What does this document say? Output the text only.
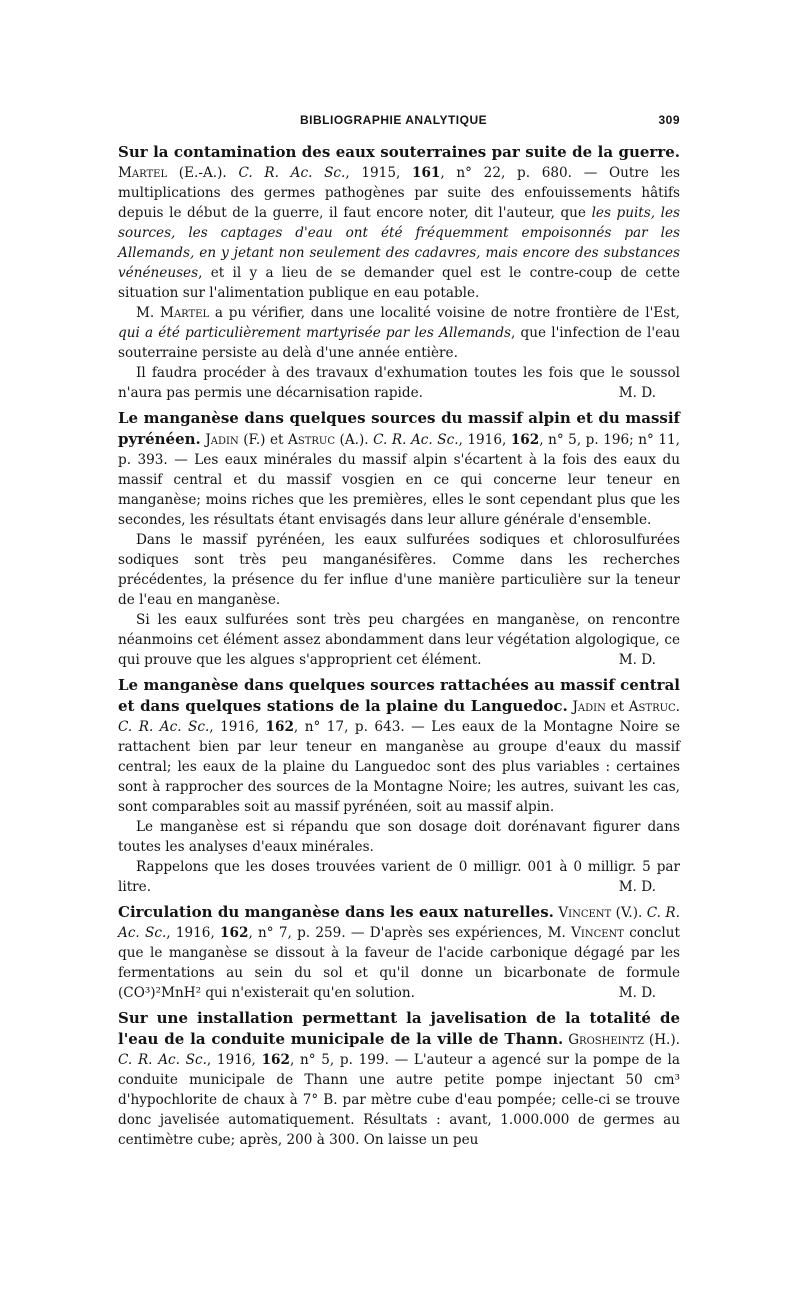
BIBLIOGRAPHIE ANALYTIQUE	309

Sur la contamination des eaux souterraines par suite de la guerre. Martel (E.-A.). C. R. Ac. Sc., 1915, 161, n° 22, p. 680. — Outre les multiplications des germes pathogènes par suite des enfouissements hâtifs depuis le début de la guerre, il faut encore noter, dit l'auteur, que les puits, les sources, les captages d'eau ont été fréquemment empoisonnés par les Allemands, en y jetant non seulement des cadavres, mais encore des substances vénéneuses, et il y a lieu de se demander quel est le contre-coup de cette situation sur l'alimentation publique en eau potable.

M. Martel a pu vérifier, dans une localité voisine de notre frontière de l'Est, qui a été particulièrement martyrisée par les Allemands, que l'infection de l'eau souterraine persiste au delà d'une année entière.

Il faudra procéder à des travaux d'exhumation toutes les fois que le soussol n'aura pas permis une décarnisation rapide.	M. D.

Le manganèse dans quelques sources du massif alpin et du massif pyrénéen. Jadin (F.) et Astruc (A.). C. R. Ac. Sc., 1916, 162, n° 5, p. 196; n° 11, p. 393. — Les eaux minérales du massif alpin s'écartent à la fois des eaux du massif central et du massif vosgien en ce qui concerne leur teneur en manganèse; moins riches que les premières, elles le sont cependant plus que les secondes, les résultats étant envisagés dans leur allure générale d'ensemble.

Dans le massif pyrénéen, les eaux sulfurées sodiques et chlorosulfurées sodiques sont très peu manganésifères. Comme dans les recherches précédentes, la présence du fer influe d'une manière particulière sur la teneur de l'eau en manganèse.

Si les eaux sulfurées sont très peu chargées en manganèse, on rencontre néanmoins cet élément assez abondamment dans leur végétation algologique, ce qui prouve que les algues s'approprient cet élément.	M. D.

Le manganèse dans quelques sources rattachées au massif central et dans quelques stations de la plaine du Languedoc. Jadin et Astruc. C. R. Ac. Sc., 1916, 162, n° 17, p. 643. — Les eaux de la Montagne Noire se rattachent bien par leur teneur en manganèse au groupe d'eaux du massif central; les eaux de la plaine du Languedoc sont des plus variables : certaines sont à rapprocher des sources de la Montagne Noire; les autres, suivant les cas, sont comparables soit au massif pyrénéen, soit au massif alpin.

Le manganèse est si répandu que son dosage doit dorénavant figurer dans toutes les analyses d'eaux minérales.

Rappelons que les doses trouvées varient de 0 milligr. 001 à 0 milligr. 5 par litre.	M. D.

Circulation du manganèse dans les eaux naturelles. Vincent (V.). C. R. Ac. Sc., 1916, 162, n° 7, p. 259. — D'après ses expériences, M. Vincent conclut que le manganèse se dissout à la faveur de l'acide carbonique dégagé par les fermentations au sein du sol et qu'il donne un bicarbonate de formule (CO³)²MnH² qui n'existerait qu'en solution.	M. D.

Sur une installation permettant la javelisation de la totalité de l'eau de la conduite municipale de la ville de Thann. Grosheintz (H.). C. R. Ac. Sc., 1916, 162, n° 5, p. 199. — L'auteur a agencé sur la pompe de la conduite municipale de Thann une autre petite pompe injectant 50 cm³ d'hypochlorite de chaux à 7° B. par mètre cube d'eau pompée; celle-ci se trouve donc javelisée automatiquement. Résultats : avant, 1.000.000 de germes au centimètre cube; après, 200 à 300. On laisse un peu
